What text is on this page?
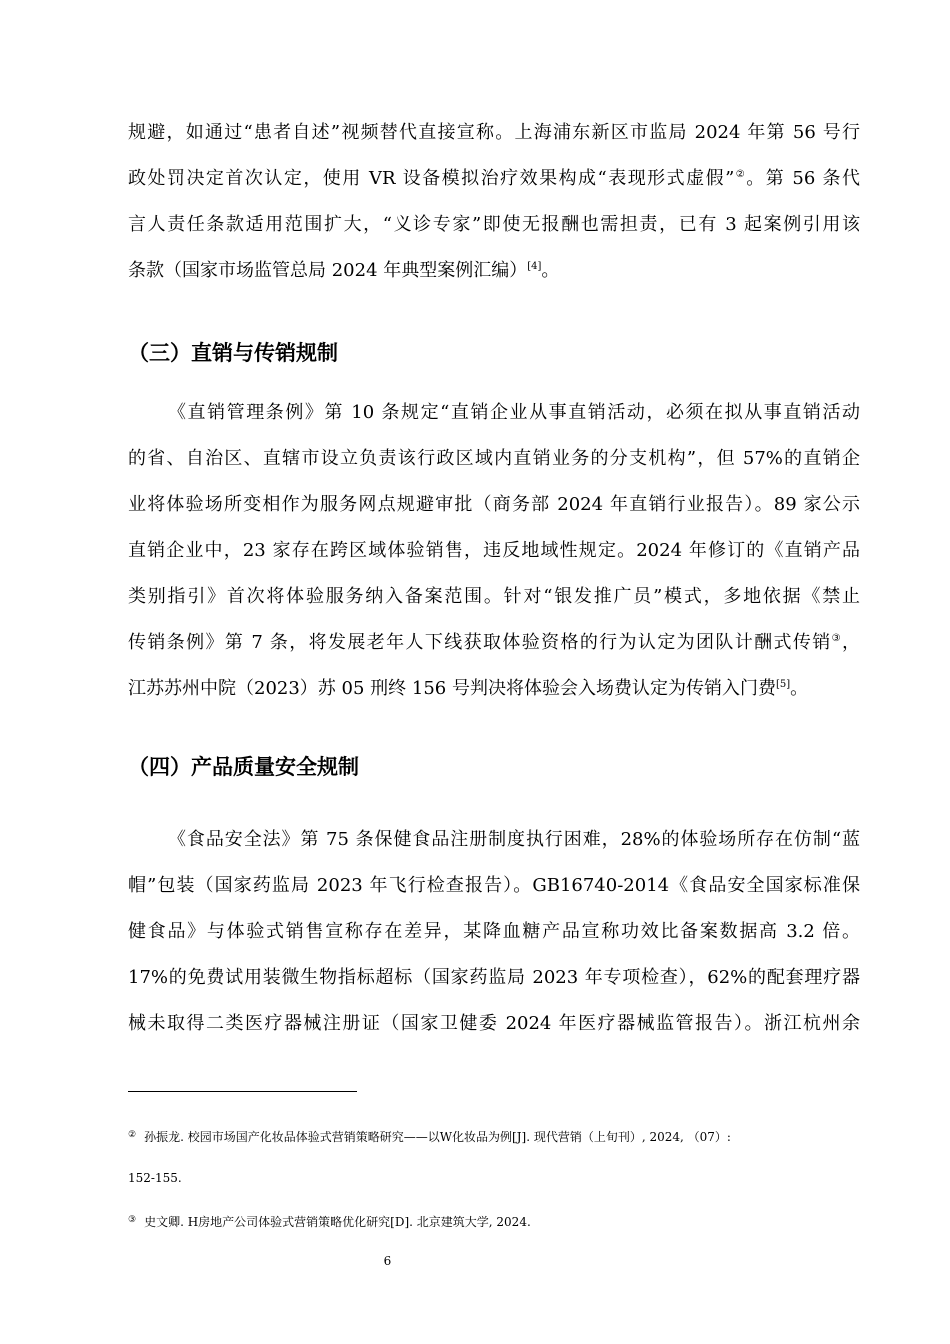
规避，如通过“患者自述”视频替代直接宣称。上海浦东新区市监局 2024 年第 56 号行
政处罚决定首次认定，使用 VR 设备模拟治疗效果构成“表现形式虚假”②。第 56 条代
言人责任条款适用范围扩大，“义诊专家”即使无报酬也需担责，已有 3 起案例引用该
条款（国家市场监管总局 2024 年典型案例汇编）[4]。
（三）直销与传销规制
《直销管理条例》第 10 条规定“直销企业从事直销活动，必须在拟从事直销活动
的省、自治区、直辖市设立负责该行政区域内直销业务的分支机构”，但 57%的直销企
业将体验场所变相作为服务网点规避审批（商务部 2024 年直销行业报告）。89 家公示
直销企业中，23 家存在跨区域体验销售，违反地域性规定。2024 年修订的《直销产品
类别指引》首次将体验服务纳入备案范围。针对“银发推广员”模式，多地依据《禁止
传销条例》第 7 条，将发展老年人下线获取体验资格的行为认定为团队计酬式传销③，
江苏苏州中院（2023）苏 05 刑终 156 号判决将体验会入场费认定为传销入门费[5]。
（四）产品质量安全规制
《食品安全法》第 75 条保健食品注册制度执行困难，28%的体验场所存在仿制“蓝
帽”包装（国家药监局 2023 年飞行检查报告）。GB16740-2014《食品安全国家标准保
健食品》与体验式销售宣称存在差异，某降血糖产品宣称功效比备案数据高 3.2 倍。
17%的免费试用装微生物指标超标（国家药监局 2023 年专项检查），62%的配套理疗器
械未取得二类医疗器械注册证（国家卫健委 2024 年医疗器械监管报告）。浙江杭州余
② 孙振龙. 校园市场国产化妆品体验式营销策略研究——以W化妆品为例[J]. 现代营销（上旬刊）, 2024, （07）:
152-155.
③ 史文卿. H房地产公司体验式营销策略优化研究[D]. 北京建筑大学, 2024.
6
